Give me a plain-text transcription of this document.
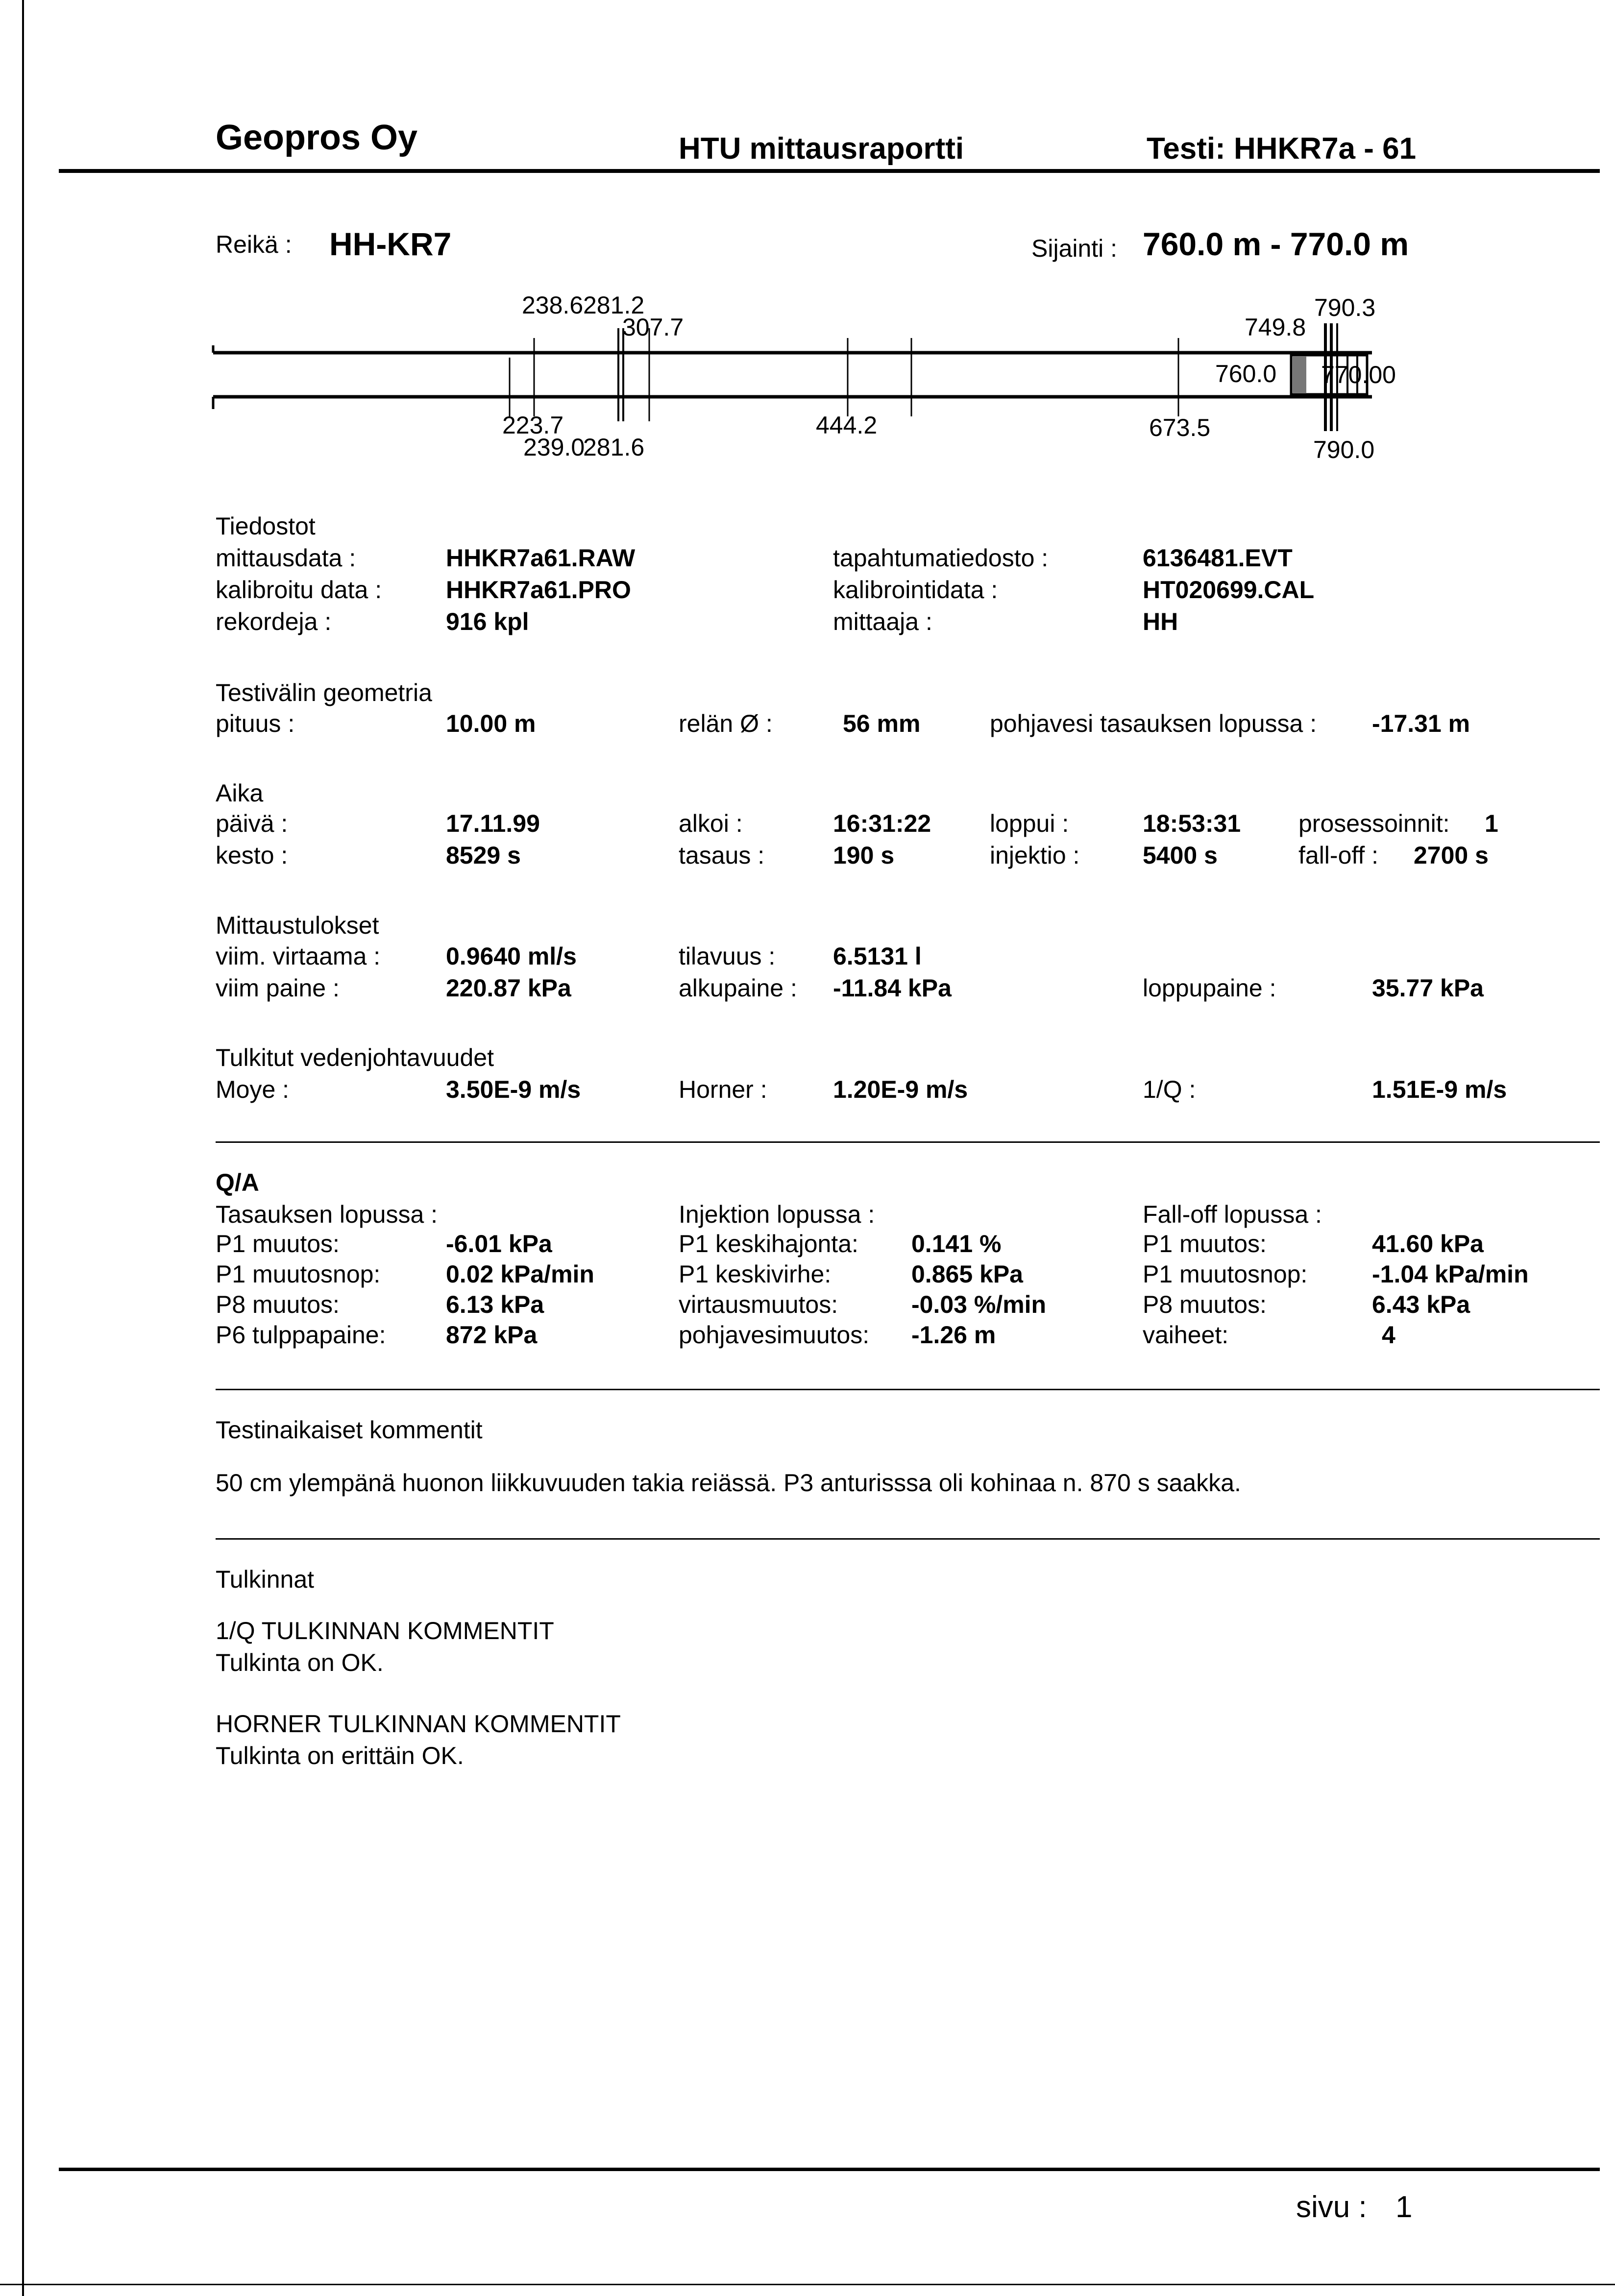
Geopros Oy	HTU mittausraportti	Testi: HHKR7a - 61
Reikä : HH-KR7	Sijainti : 760.0 m - 770.0 m
238.6 281.2
307.7	749.8
790.3
223.7
239.0
281.6
444.2	673.5
790.0
760.0 770.00
Tiedostot
mittausdata :	HHKR7a61.RAW	tapahtumatiedosto :	6136481.EVT
kalibroitu data :	HHKR7a61.PRO	kalibrointidata :	HT020699.CAL
rekordeja :	916 kpl	mittaaja :	HH
Testivälin geometria
pituus :	10.00 m	relän Ø :	56 mm	pohjavesi tasauksen lopussa : -17.31 m
Aika
päivä :	17.11.99	alkoi :	16:31:22 loppui :	18:53:31 prosessoinnit: 1
kesto :	8529 s	tasaus :	190 s	injektio :	5400 s	fall-off : 2700 s
Mittaustulokset
viim. virtaama :	0.9640 ml/s	tilavuus : 6.5131 l
viim paine :	220.87 kPa	alkupaine : -11.84 kPa	loppupaine :	35.77 kPa
Tulkitut vedenjohtavuudet
Moye :	3.50E-9 m/s	Horner :	1.20E-9 m/s	1/Q :	1.51E-9 m/s
Q/A
Tasauksen lopussa :
P1 muutos:	-6.01 kPa
P1 muutosnop:	0.02 kPa/min
P8 muutos:	6.13 kPa
P6 tulppapaine: 872 kPa
Injektion lopussa :
P1 keskihajonta: 0.141 %
P1 keskivirhe:	0.865 kPa
virtausmuutos:	-0.03 %/min
pohjavesimuutos: -1.26 m
Fall-off lopussa :
P1 muutos:	41.60 kPa
P1 muutosnop:	-1.04 kPa/min
P8 muutos:	6.43 kPa
vaiheet:	4
Testinaikaiset kommentit
50 cm ylempänä huonon liikkuvuuden takia reiässä. P3 anturisssa oli kohinaa n. 870 s saakka.
Tulkinnat
1/Q TULKINNAN KOMMENTIT
Tulkinta on OK.
HORNER TULKINNAN KOMMENTIT
Tulkinta on erittäin OK.
sivu : 1
